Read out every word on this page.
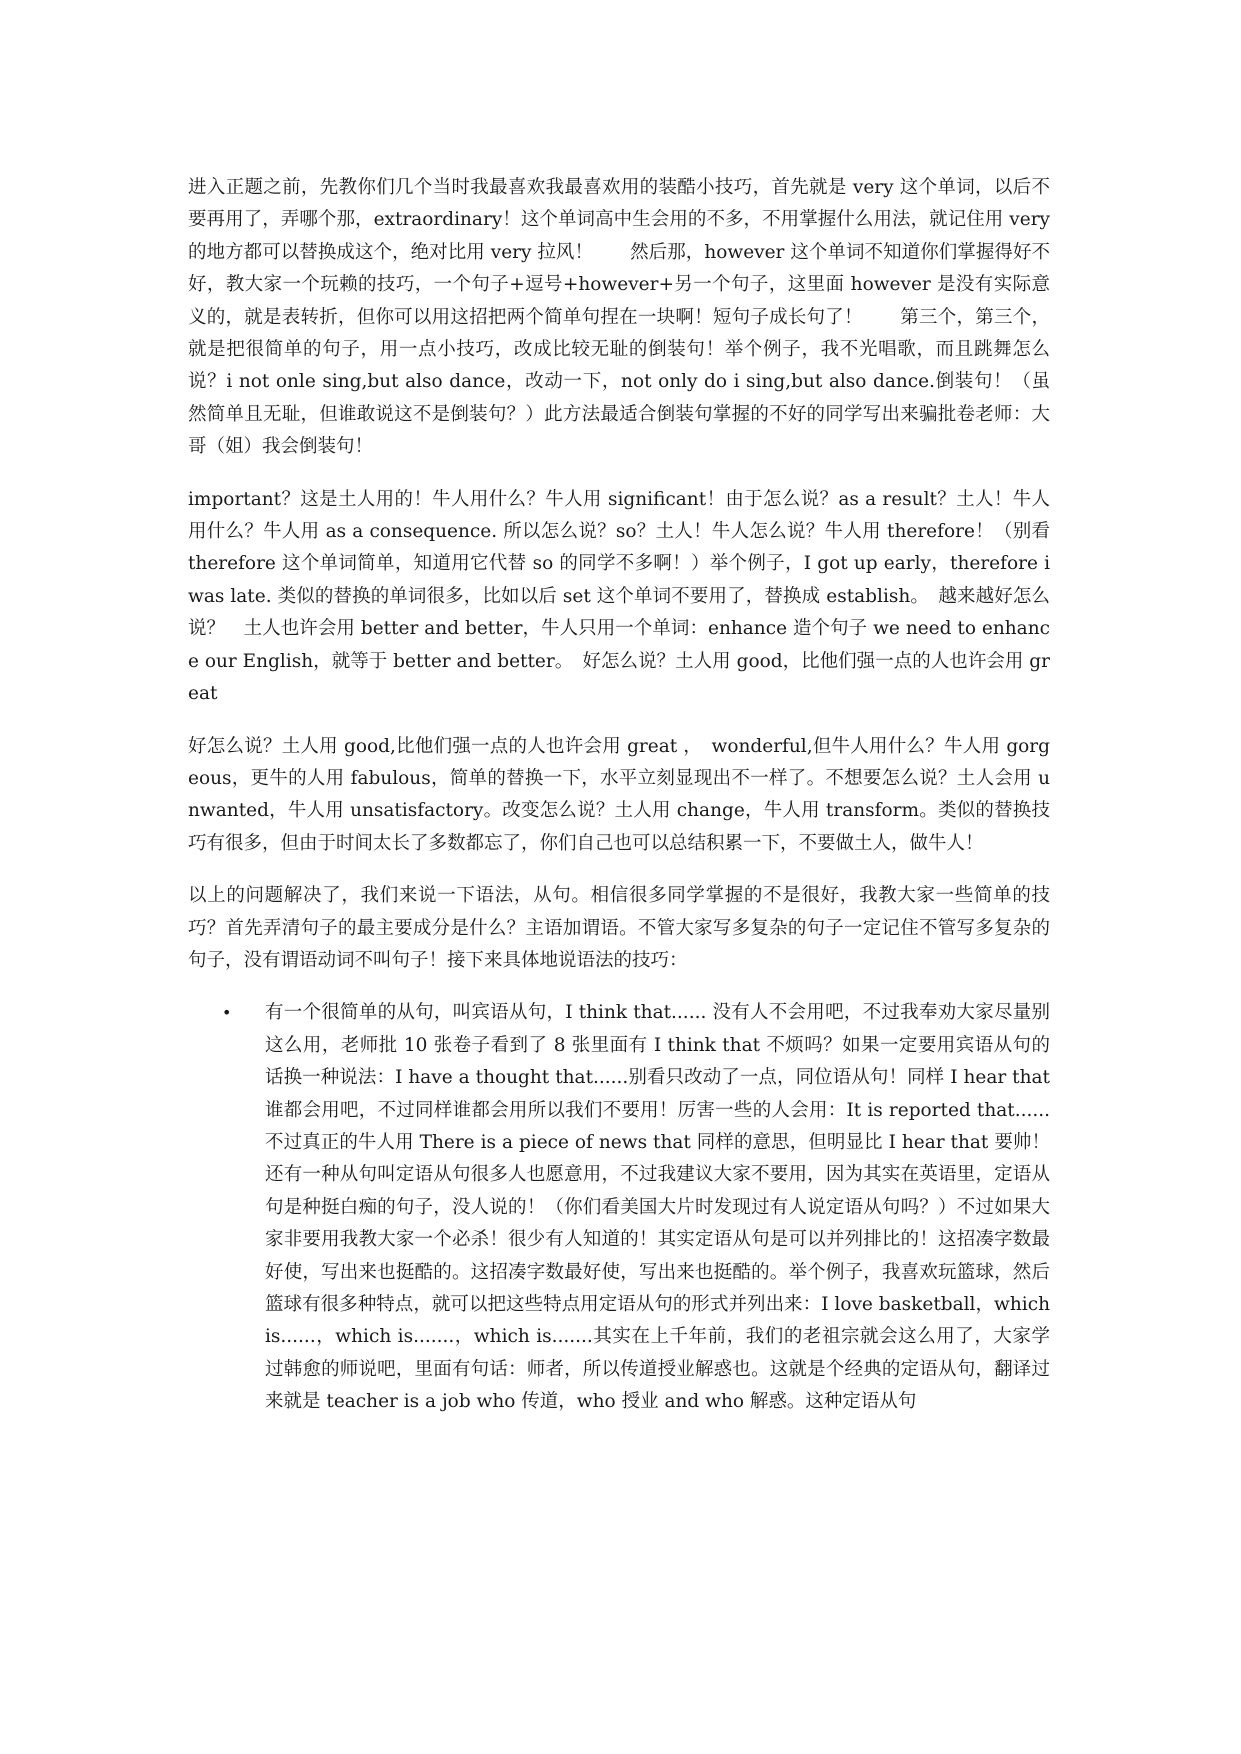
进入正题之前，先教你们几个当时我最喜欢我最喜欢用的装酷小技巧，首先就是 very 这个单词，以后不要再用了，弄哪个那，extraordinary！这个单词高中生会用的不多，不用掌握什么用法，就记住用 very 的地方都可以替换成这个，绝对比用 very 拉风！　　然后那，however 这个单词不知道你们掌握得好不好，教大家一个玩赖的技巧，一个句子+逗号+however+另一个句子，这里面 however 是没有实际意义的，就是表转折，但你可以用这招把两个简单句捏在一块啊！短句子成长句了！　　第三个，第三个，就是把很简单的句子，用一点小技巧，改成比较无耻的倒装句！举个例子，我不光唱歌，而且跳舞怎么说？i not onle sing,but also dance，改动一下，not only do i sing,but also dance.倒装句！（虽然简单且无耻，但谁敢说这不是倒装句？）此方法最适合倒装句掌握的不好的同学写出来骗批卷老师：大哥（姐）我会倒装句！

important？这是土人用的！牛人用什么？牛人用 significant！由于怎么说？as a result？土人！牛人用什么？牛人用 as a consequence. 所以怎么说？so？土人！牛人怎么说？牛人用 therefore！（别看 therefore 这个单词简单，知道用它代替 so 的同学不多啊！）举个例子，I got up early，therefore i was late. 类似的替换的单词很多，比如以后 set 这个单词不要用了，替换成 establish。　越来越好怎么说？　土人也许会用 better and better，牛人只用一个单词：enhance 造个句子 we need to enhance our English，就等于 better and better。　好怎么说？土人用 good，比他们强一点的人也许会用 great

好怎么说？土人用 good,比他们强一点的人也许会用 great ，　wonderful,但牛人用什么？牛人用 gorgeous，更牛的人用 fabulous，简单的替换一下，水平立刻显现出不一样了。不想要怎么说？土人会用 unwanted，牛人用 unsatisfactory。改变怎么说？土人用 change，牛人用 transform。类似的替换技巧有很多，但由于时间太长了多数都忘了，你们自己也可以总结积累一下，不要做土人，做牛人！

以上的问题解决了，我们来说一下语法，从句。相信很多同学掌握的不是很好，我教大家一些简单的技巧？首先弄清句子的最主要成分是什么？主语加谓语。不管大家写多复杂的句子一定记住不管写多复杂的句子，没有谓语动词不叫句子！接下来具体地说语法的技巧：

• 有一个很简单的从句，叫宾语从句，I think that...... 没有人不会用吧，不过我奉劝大家尽量别这么用，老师批 10 张卷子看到了 8 张里面有 I think that 不烦吗？如果一定要用宾语从句的话换一种说法：I have a thought that......别看只改动了一点，同位语从句！同样 I hear that 谁都会用吧，不过同样谁都会用所以我们不要用！厉害一些的人会用：It is reported that...... 不过真正的牛人用 There is a piece of news that 同样的意思，但明显比 I hear that 要帅！　　还有一种从句叫定语从句很多人也愿意用，不过我建议大家不要用，因为其实在英语里，定语从句是种挺白痴的句子，没人说的！（你们看美国大片时发现过有人说定语从句吗？）不过如果大家非要用我教大家一个必杀！很少有人知道的！其实定语从句是可以并列排比的！这招凑字数最好使，写出来也挺酷的。这招凑字数最好使，写出来也挺酷的。举个例子，我喜欢玩篮球，然后篮球有很多种特点，就可以把这些特点用定语从句的形式并列出来：I love basketball，which is......，which is.......，which is.......其实在上千年前，我们的老祖宗就会这么用了，大家学过韩愈的师说吧，里面有句话：师者，所以传道授业解惑也。这就是个经典的定语从句，翻译过来就是 teacher is a job who 传道，who 授业 and who 解惑。这种定语从句
